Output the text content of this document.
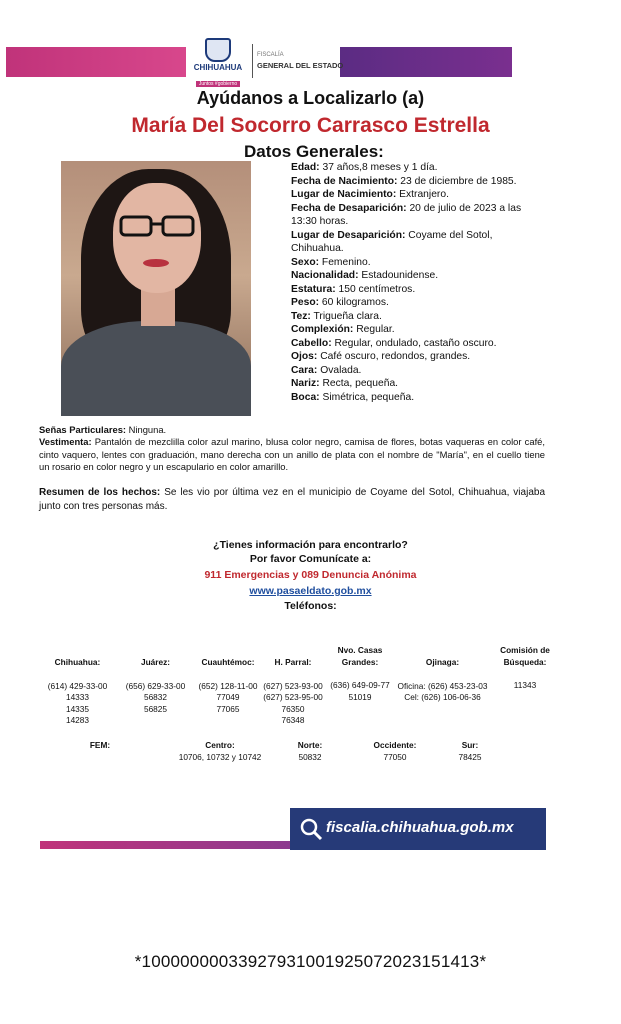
CHIHUAHUA
Juntos #gobierno
FISCALÍA
GENERAL DEL ESTADO
Ayúdanos a Localizarlo (a)
María Del Socorro Carrasco Estrella
Datos Generales:
Edad: 37 años,8 meses y 1 día.
Fecha de Nacimiento: 23 de diciembre de 1985.
Lugar de Nacimiento: Extranjero.
Fecha de Desaparición: 20 de julio de 2023 a las 13:30 horas.
Lugar de Desaparición: Coyame del Sotol, Chihuahua.
Sexo: Femenino.
Nacionalidad: Estadounidense.
Estatura: 150 centímetros.
Peso: 60 kilogramos.
Tez: Trigueña clara.
Complexión: Regular.
Cabello: Regular, ondulado, castaño oscuro.
Ojos: Café oscuro, redondos, grandes.
Cara: Ovalada.
Nariz: Recta, pequeña.
Boca: Simétrica, pequeña.
Señas Particulares: Ninguna.
Vestimenta: Pantalón de mezclilla color azul marino, blusa color negro, camisa de flores, botas vaqueras en color café, cinto vaquero, lentes con graduación, mano derecha con un anillo de plata con el nombre de "María", en el cuello tiene un rosario en color negro y un escapulario en color amarillo.
Resumen de los hechos: Se les vio por última vez en el municipio de Coyame del Sotol, Chihuahua, viajaba junto con tres personas más.
¿Tienes información para encontrarlo?
Por favor Comunícate a:
911 Emergencias y 089 Denuncia Anónima
www.pasaeldato.gob.mx
Teléfonos:
Chihuahua:
(614) 429-33-00
14333
14335
14283
Juárez:
(656) 629-33-00
56832
56825
Cuauhtémoc:
(652) 128-11-00
77049
77065
H. Parral:
(627) 523-93-00
(627) 523-95-00
76350
76348
Nvo. Casas Grandes:
(636) 649-09-77
51019
Ojinaga:
Oficina: (626) 453-23-03
Cel: (626) 106-06-36
Comisión de Búsqueda:
11343
FEM:	Centro:
10706, 10732 y 10742
Norte:
50832
Occidente:
77050
Sur:
78425
fiscalia.chihuahua.gob.mx
*10000000033927931001925072023151413*
